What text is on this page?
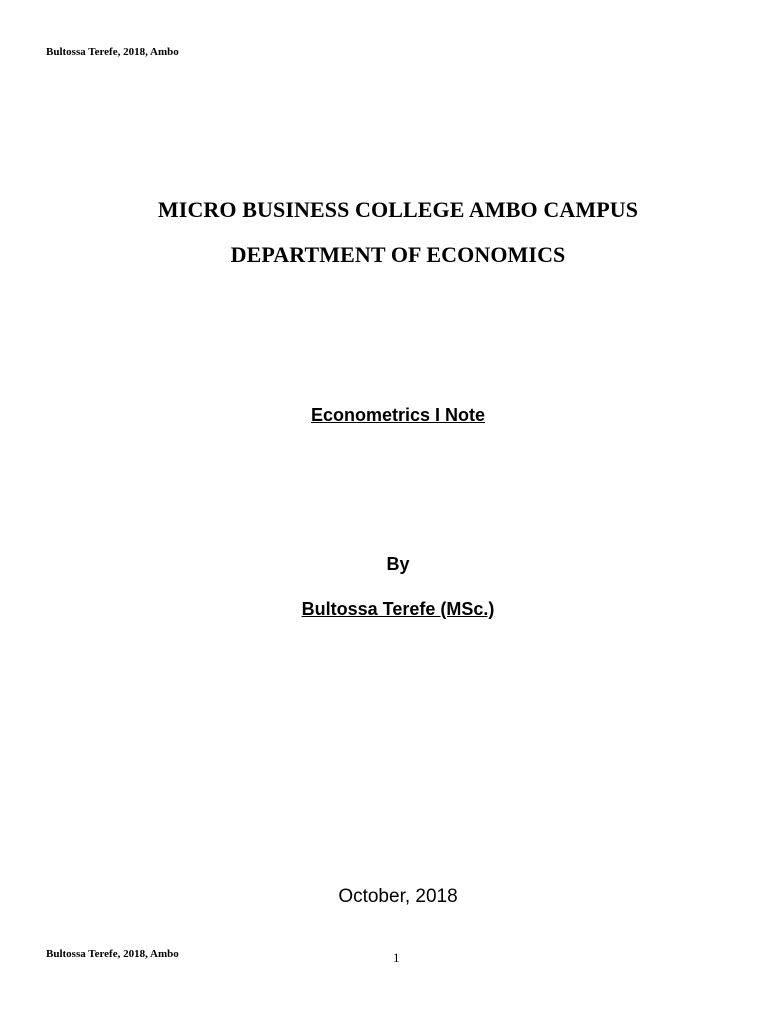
Bultossa Terefe, 2018, Ambo
MICRO BUSINESS COLLEGE AMBO CAMPUS
DEPARTMENT OF ECONOMICS
Econometrics I Note
By
Bultossa Terefe (MSc.)
October, 2018
Bultossa Terefe, 2018, Ambo	1
